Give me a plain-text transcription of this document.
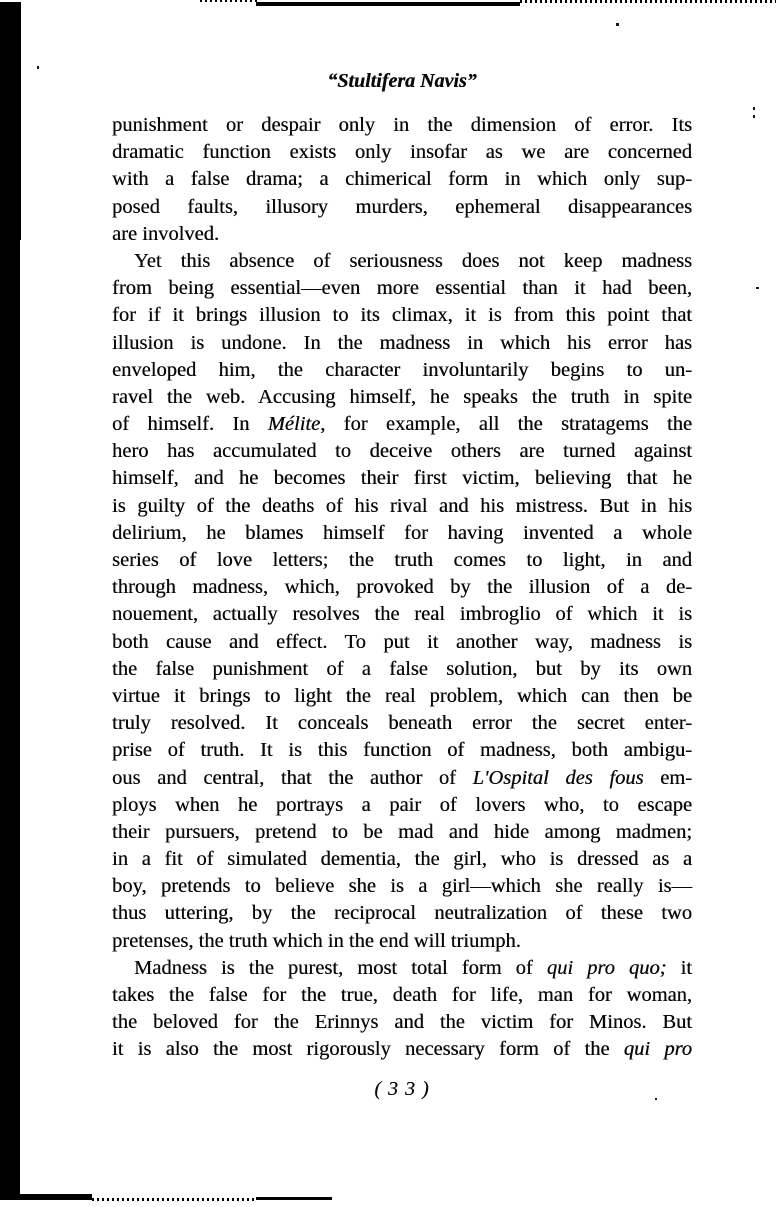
“Stultifera Navis”
punishment or despair only in the dimension of error. Its
dramatic function exists only insofar as we are concerned
with a false drama; a chimerical form in which only sup-
posed faults, illusory murders, ephemeral disappearances
are involved.
Yet this absence of seriousness does not keep madness
from being essential—even more essential than it had been,
for if it brings illusion to its climax, it is from this point that
illusion is undone. In the madness in which his error has
enveloped him, the character involuntarily begins to un-
ravel the web. Accusing himself, he speaks the truth in spite
of himself. In Mélite, for example, all the stratagems the
hero has accumulated to deceive others are turned against
himself, and he becomes their first victim, believing that he
is guilty of the deaths of his rival and his mistress. But in his
delirium, he blames himself for having invented a whole
series of love letters; the truth comes to light, in and
through madness, which, provoked by the illusion of a de-
nouement, actually resolves the real imbroglio of which it is
both cause and effect. To put it another way, madness is
the false punishment of a false solution, but by its own
virtue it brings to light the real problem, which can then be
truly resolved. It conceals beneath error the secret enter-
prise of truth. It is this function of madness, both ambigu-
ous and central, that the author of L'Ospital des fous em-
ploys when he portrays a pair of lovers who, to escape
their pursuers, pretend to be mad and hide among madmen;
in a fit of simulated dementia, the girl, who is dressed as a
boy, pretends to believe she is a girl—which she really is—
thus uttering, by the reciprocal neutralization of these two
pretenses, the truth which in the end will triumph.
Madness is the purest, most total form of qui pro quo; it
takes the false for the true, death for life, man for woman,
the beloved for the Erinnys and the victim for Minos. But
it is also the most rigorously necessary form of the qui pro
( 3 3 )
